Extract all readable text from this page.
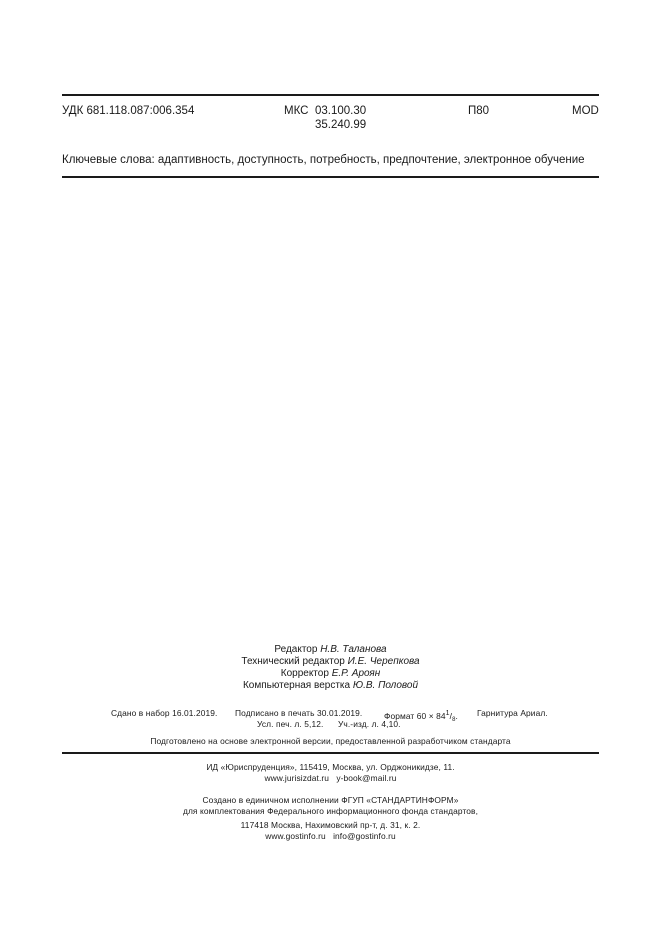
УДК 681.118.087:006.354	МКС 03.100.30
35.240.99
П80	MOD
Ключевые слова: адаптивность, доступность, потребность, предпочтение, электронное обучение
Редактор Н.В. Таланова
Технический редактор И.Е. Черепкова
Корректор Е.Р. Ароян
Компьютерная верстка Ю.В. Половой
Сдано в набор 16.01.2019. Подписано в печать 30.01.2019.	Формат $60 \times 84^1/_8$. Гарнитура Ариал.
Усл. печ. л. 5,12. Уч.-изд. л. 4,10.
Подготовлено на основе электронной версии, предоставленной разработчиком стандарта
ИД «Юриспруденция», 115419, Москва, ул. Орджоникидзе, 11.
www.jurisizdat.ru y-book@mail.ru
Создано в единичном исполнении ФГУП «СТАНДАРТИНФОРМ»
для комплектования Федерального информационного фонда стандартов,
117418 Москва, Нахимовский пр-т, д. 31, к. 2.
www.gostinfo.ru info@gostinfo.ru
